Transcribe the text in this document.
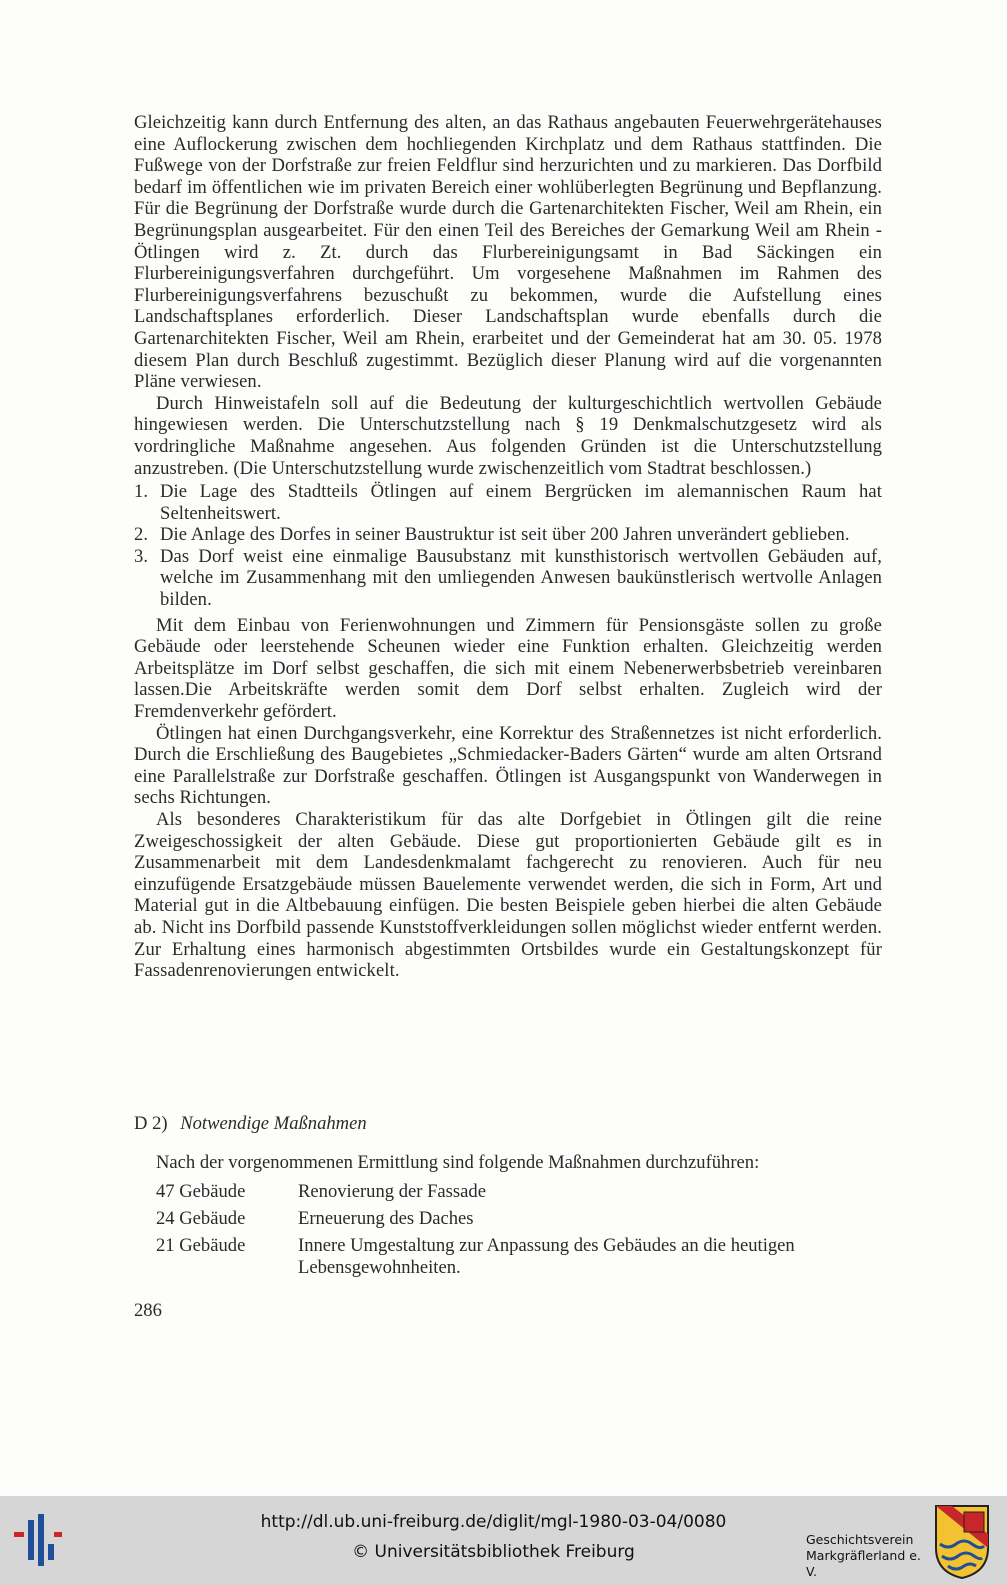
Gleichzeitig kann durch Entfernung des alten, an das Rathaus angebauten Feuerwehrgerätehauses eine Auflockerung zwischen dem hochliegenden Kirchplatz und dem Rathaus stattfinden. Die Fußwege von der Dorfstraße zur freien Feldflur sind herzurichten und zu markieren. Das Dorfbild bedarf im öffentlichen wie im privaten Bereich einer wohlüberlegten Begrünung und Bepflanzung. Für die Begrünung der Dorfstraße wurde durch die Gartenarchitekten Fischer, Weil am Rhein, ein Begrünungsplan ausgearbeitet. Für den einen Teil des Bereiches der Gemarkung Weil am Rhein - Ötlingen wird z. Zt. durch das Flurbereinigungsamt in Bad Säckingen ein Flurbereinigungsverfahren durchgeführt. Um vorgesehene Maßnahmen im Rahmen des Flurbereinigungsverfahrens bezuschußt zu bekommen, wurde die Aufstellung eines Landschaftsplanes erforderlich. Dieser Landschaftsplan wurde ebenfalls durch die Gartenarchitekten Fischer, Weil am Rhein, erarbeitet und der Gemeinderat hat am 30. 05. 1978 diesem Plan durch Beschluß zugestimmt. Bezüglich dieser Planung wird auf die vorgenannten Pläne verwiesen.

Durch Hinweistafeln soll auf die Bedeutung der kulturgeschichtlich wertvollen Gebäude hingewiesen werden. Die Unterschutzstellung nach § 19 Denkmalschutzgesetz wird als vordringliche Maßnahme angesehen. Aus folgenden Gründen ist die Unterschutzstellung anzustreben. (Die Unterschutzstellung wurde zwischenzeitlich vom Stadtrat beschlossen.)

1. Die Lage des Stadtteils Ötlingen auf einem Bergrücken im alemannischen Raum hat Seltenheitswert.
2. Die Anlage des Dorfes in seiner Baustruktur ist seit über 200 Jahren unverändert geblieben.
3. Das Dorf weist eine einmalige Bausubstanz mit kunsthistorisch wertvollen Gebäuden auf, welche im Zusammenhang mit den umliegenden Anwesen baukünstlerisch wertvolle Anlagen bilden.

Mit dem Einbau von Ferienwohnungen und Zimmern für Pensionsgäste sollen zu große Gebäude oder leerstehende Scheunen wieder eine Funktion erhalten. Gleichzeitig werden Arbeitsplätze im Dorf selbst geschaffen, die sich mit einem Nebenerwerbsbetrieb vereinbaren lassen.Die Arbeitskräfte werden somit dem Dorf selbst erhalten. Zugleich wird der Fremdenverkehr gefördert.

Ötlingen hat einen Durchgangsverkehr, eine Korrektur des Straßennetzes ist nicht erforderlich. Durch die Erschließung des Baugebietes „Schmiedacker-Baders Gärten“ wurde am alten Ortsrand eine Parallelstraße zur Dorfstraße geschaffen. Ötlingen ist Ausgangspunkt von Wanderwegen in sechs Richtungen.

Als besonderes Charakteristikum für das alte Dorfgebiet in Ötlingen gilt die reine Zweigeschossigkeit der alten Gebäude. Diese gut proportionierten Gebäude gilt es in Zusammenarbeit mit dem Landesdenkmalamt fachgerecht zu renovieren. Auch für neu einzufügende Ersatzgebäude müssen Bauelemente verwendet werden, die sich in Form, Art und Material gut in die Altbebauung einfügen. Die besten Beispiele geben hierbei die alten Gebäude ab. Nicht ins Dorfbild passende Kunststoffverkleidungen sollen möglichst wieder entfernt werden. Zur Erhaltung eines harmonisch abgestimmten Ortsbildes wurde ein Gestaltungskonzept für Fassadenrenovierungen entwickelt.

D 2) Notwendige Maßnahmen
Nach der vorgenommenen Ermittlung sind folgende Maßnahmen durchzuführen:
47 Gebäude	Renovierung der Fassade
24 Gebäude	Erneuerung des Daches
21 Gebäude	Innere Umgestaltung zur Anpassung des Gebäudes an die heutigen Lebensgewohnheiten.
286
http://dl.ub.uni-freiburg.de/diglit/mgl-1980-03-04/0080
© Universitätsbibliothek Freiburg
Geschichtsverein
Markgräflerland e. V.
